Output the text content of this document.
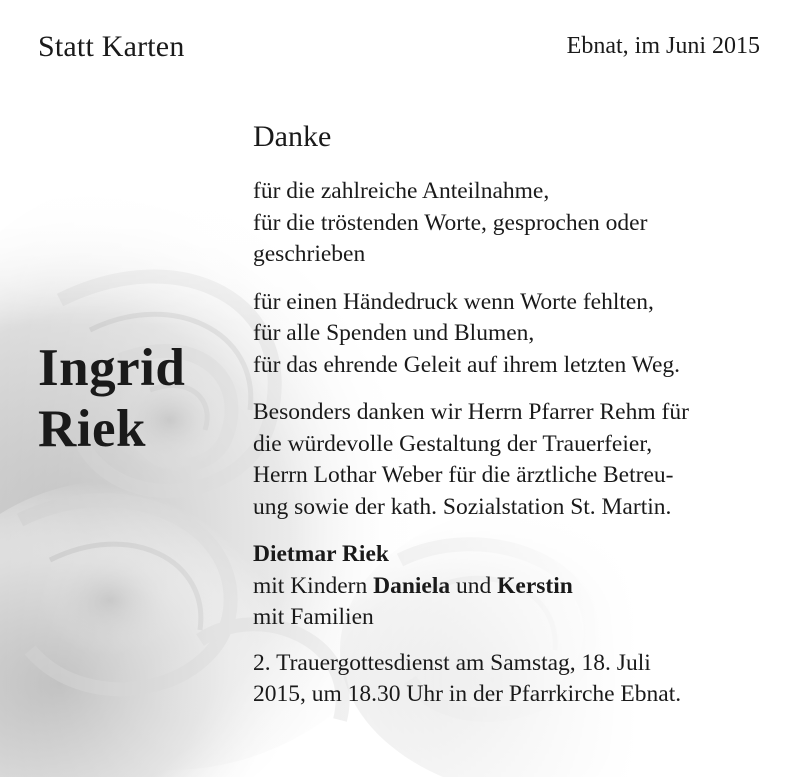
Statt Karten	Ebnat, im Juni 2015
Ingrid
Riek
Danke
für die zahlreiche Anteilnahme,
für die tröstenden Worte, gesprochen oder
geschrieben
für einen Händedruck wenn Worte fehlten,
für alle Spenden und Blumen,
für das ehrende Geleit auf ihrem letzten Weg.
Besonders danken wir Herrn Pfarrer Rehm für
die würdevolle Gestaltung der Trauerfeier,
Herrn Lothar Weber für die ärztliche Betreu-
ung sowie der kath. Sozialstation St. Martin.
Dietmar Riek
mit Kindern Daniela und Kerstin
mit Familien
2. Trauergottesdienst am Samstag, 18. Juli
2015, um 18.30 Uhr in der Pfarrkirche Ebnat.
